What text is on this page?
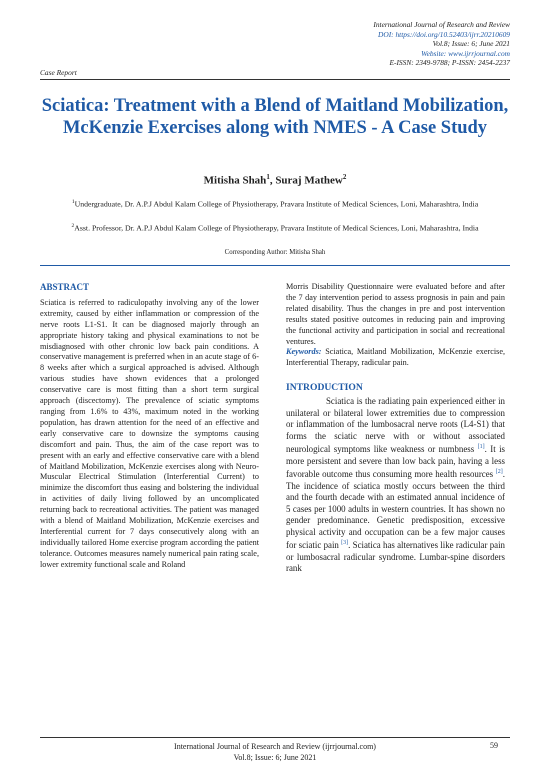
International Journal of Research and Review
DOI: https://doi.org/10.52403/ijrr.20210609
Vol.8; Issue: 6; June 2021
Website: www.ijrrjournal.com
E-ISSN: 2349-9788; P-ISSN: 2454-2237
Case Report
Sciatica: Treatment with a Blend of Maitland Mobilization, McKenzie Exercises along with NMES - A Case Study
Mitisha Shah$^1$, Suraj Mathew$^2$
$^1$Undergraduate, Dr. A.P.J Abdul Kalam College of Physiotherapy, Pravara Institute of Medical Sciences, Loni, Maharashtra, India
$^2$Asst. Professor, Dr. A.P.J Abdul Kalam College of Physiotherapy, Pravara Institute of Medical Sciences, Loni, Maharashtra, India
Corresponding Author: Mitisha Shah
ABSTRACT

Sciatica is referred to radiculopathy involving any of the lower extremity, caused by either inflammation or compression of the nerve roots L1-S1. It can be diagnosed majorly through an appropriate history taking and physical examinations to not be misdiagnosed with other chronic low back pain conditions. A conservative management is preferred when in an acute stage of 6-8 weeks after which a surgical approached is advised. Although various studies have shown evidences that a prolonged conservative care is most fitting than a short term surgical approach (discectomy). The prevalence of sciatic symptoms ranging from 1.6% to 43%, maximum noted in the working population, has drawn attention for the need of an effective and early conservative care to downsize the symptoms causing discomfort and pain. Thus, the aim of the case report was to present with an early and effective conservative care with a blend of Maitland Mobilization, McKenzie exercises along with Neuro-Muscular Electrical Stimulation (Interferential Current) to minimize the discomfort thus easing and bolstering the individual in activities of daily living followed by an uncomplicated returning back to recreational activities. The patient was managed with a blend of Maitland Mobilization, McKenzie exercises and Interferential current for 7 days consecutively along with an individually tailored Home exercise program according the patient tolerance. Outcomes measures namely numerical pain rating scale, lower extremity functional scale and Roland

Morris Disability Questionnaire were evaluated before and after the 7 day intervention period to assess prognosis in pain and pain related disability. Thus the changes in pre and post intervention results stated positive outcomes in reducing pain and improving the functional activity and participation in social and recreational ventures.

Keywords: Sciatica, Maitland Mobilization, McKenzie exercise, Interferential Therapy, radicular pain.

INTRODUCTION

Sciatica is the radiating pain experienced either in unilateral or bilateral lower extremities due to compression or inflammation of the lumbosacral nerve roots (L4-S1) that forms the sciatic nerve with or without associated neurological symptoms like weakness or numbness [1]. It is more persistent and severe than low back pain, having a less favorable outcome thus consuming more health resources [2]. The incidence of sciatica mostly occurs between the third and the fourth decade with an estimated annual incidence of 5 cases per 1000 adults in western countries. It has shown no gender predominance. Genetic predisposition, excessive physical activity and occupation can be a few major causes for sciatic pain [3]. Sciatica has alternatives like radicular pain or lumbosacral radicular syndrome. Lumbar-spine disorders rank

International Journal of Research and Review (ijrrjournal.com)
Vol.8; Issue: 6; June 2021
59
